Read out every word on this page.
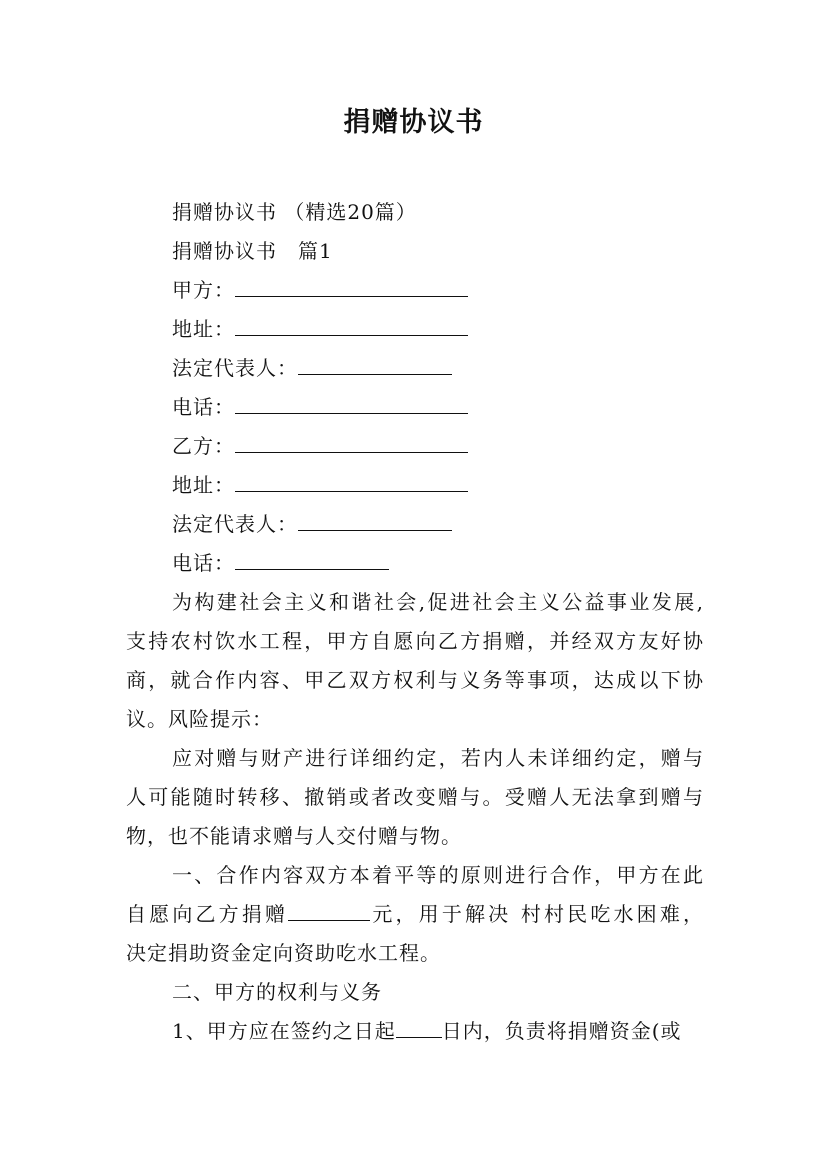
捐赠协议书
捐赠协议书 （精选20篇）
捐赠协议书　篇1
甲方：
地址：
法定代表人：
电话：
乙方：
地址：
法定代表人：
电话：
为构建社会主义和谐社会,促进社会主义公益事业发展,
支持农村饮水工程，甲方自愿向乙方捐赠，并经双方友好协
商，就合作内容、甲乙双方权利与义务等事项，达成以下协
议。风险提示：
应对赠与财产进行详细约定，若内人未详细约定，赠与
人可能随时转移、撤销或者改变赠与。受赠人无法拿到赠与
物，也不能请求赠与人交付赠与物。
一、合作内容双方本着平等的原则进行合作，甲方在此
自愿向乙方捐赠	元，用于解决 村村民吃水困难，
决定捐助资金定向资助吃水工程。
二、甲方的权利与义务
1、甲方应在签约之日起 日内，负责将捐赠资金(或
